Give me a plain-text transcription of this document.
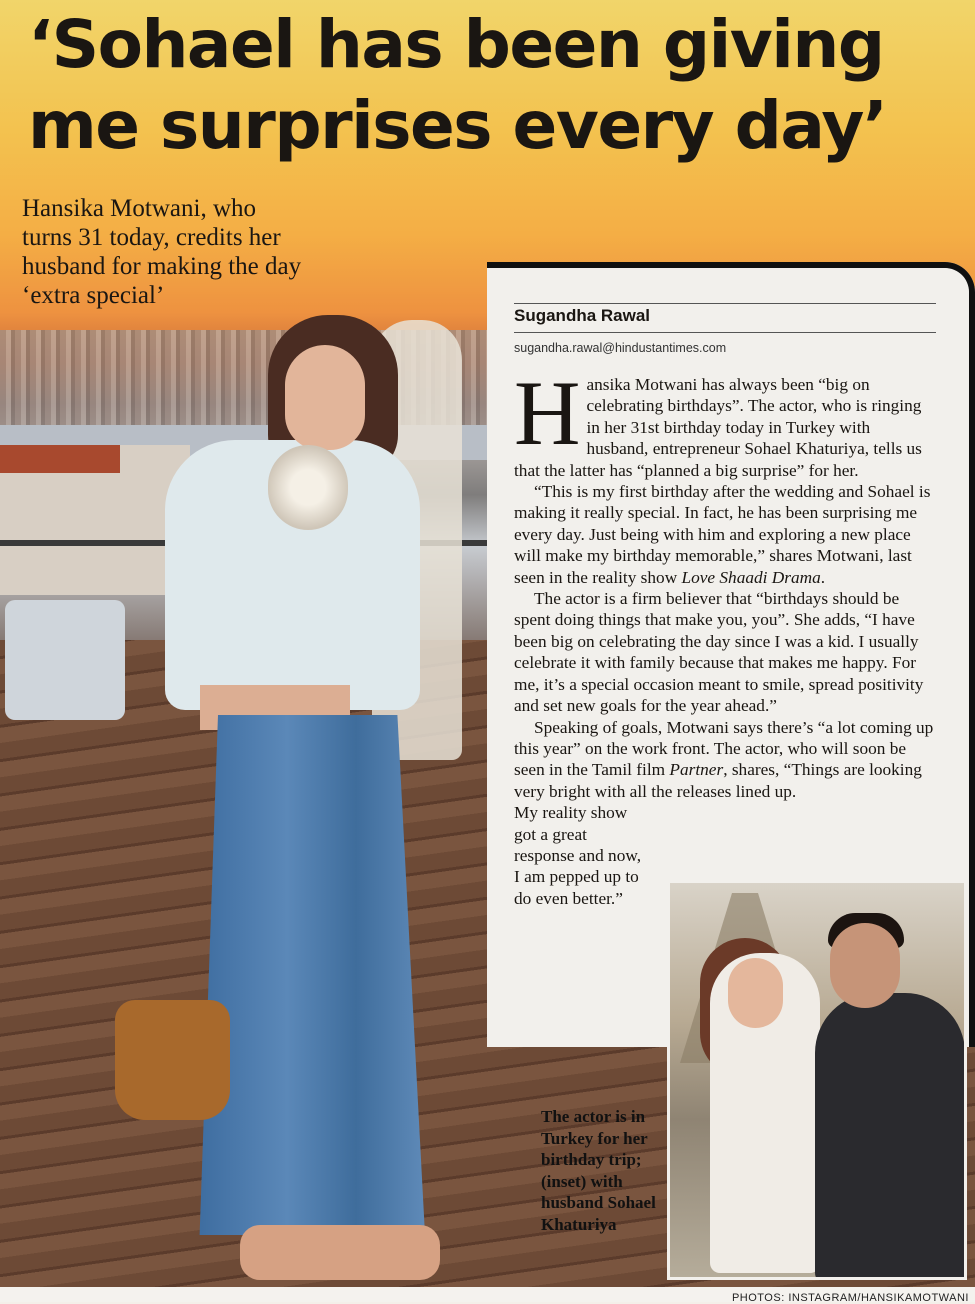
‘Sohael has been giving me surprises every day’

Hansika Motwani, who turns 31 today, credits her husband for making the day ‘extra special’

Sugandha Rawal

sugandha.rawal@hindustantimes.com

Hansika Motwani has always been “big on celebrating birthdays”. The actor, who is ringing in her 31st birthday today in Turkey with husband, entrepreneur Sohael Khaturiya, tells us that the latter has “planned a big surprise” for her.

“This is my first birthday after the wedding and Sohael is making it really special. In fact, he has been surprising me every day. Just being with him and exploring a new place will make my birthday memorable,” shares Motwani, last seen in the reality show Love Shaadi Drama.

The actor is a firm believer that “birthdays should be spent doing things that make you, you”. She adds, “I have been big on celebrating the day since I was a kid. I usually celebrate it with family because that makes me happy. For me, it’s a special occasion meant to smile, spread positivity and set new goals for the year ahead.”

Speaking of goals, Motwani says there’s “a lot coming up this year” on the work front. The actor, who will soon be seen in the Tamil film Partner, shares, “Things are looking very bright with all the releases lined up.

My reality show got a great response and now, I am pepped up to do even better.”

The actor is in Turkey for her birthday trip; (inset) with husband Sohael Khaturiya

PHOTOS: INSTAGRAM/HANSIKAMOTWANI
